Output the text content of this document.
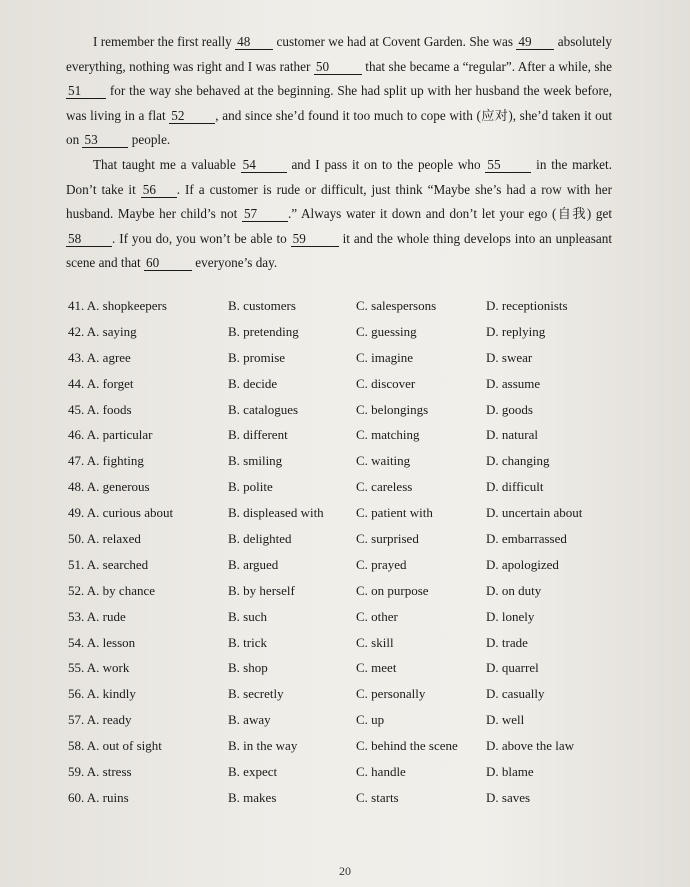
I remember the first really 48 customer we had at Covent Garden. She was 49 absolutely everything, nothing was right and I was rather 50 that she became a “regular”. After a while, she 51 for the way she behaved at the beginning. She had split up with her husband the week before, was living in a flat 52 , and since she’d found it too much to cope with (应对), she’d taken it out on 53 people.

That taught me a valuable 54 and I pass it on to the people who 55 in the market. Don’t take it 56 . If a customer is rude or difficult, just think “Maybe she’s had a row with her husband. Maybe her child’s not 57 .” Always water it down and don’t let your ego (自我) get 58 . If you do, you won’t be able to 59 it and the whole thing develops into an unpleasant scene and that 60 everyone’s day.

41. A. shopkeepers	B. customers	C. salespersons	D. receptionists
42. A. saying	B. pretending	C. guessing	D. replying
43. A. agree	B. promise	C. imagine	D. swear
44. A. forget	B. decide	C. discover	D. assume
45. A. foods	B. catalogues	C. belongings	D. goods
46. A. particular	B. different	C. matching	D. natural
47. A. fighting	B. smiling	C. waiting	D. changing
48. A. generous	B. polite	C. careless	D. difficult
49. A. curious about	B. displeased with C. patient with	D. uncertain about
50. A. relaxed	B. delighted	C. surprised	D. embarrassed
51. A. searched	B. argued	C. prayed	D. apologized
52. A. by chance	B. by herself	C. on purpose	D. on duty
53. A. rude	B. such	C. other	D. lonely
54. A. lesson	B. trick	C. skill	D. trade
55. A. work	B. shop	C. meet	D. quarrel
56. A. kindly	B. secretly	C. personally	D. casually
57. A. ready	B. away	C. up	D. well
58. A. out of sight	B. in the way	C. behind the scene D. above the law
59. A. stress	B. expect	C. handle	D. blame
60. A. ruins	B. makes	C. starts	D. saves
20
